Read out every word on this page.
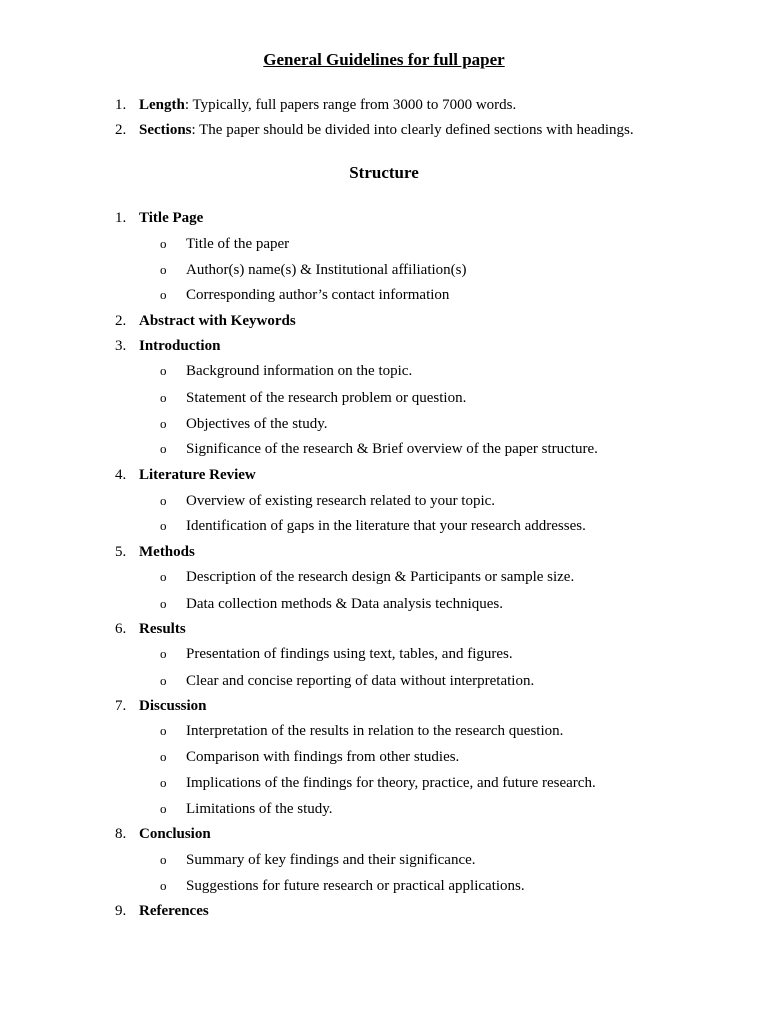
General Guidelines for full paper
1. Length: Typically, full papers range from 3000 to 7000 words.
2. Sections: The paper should be divided into clearly defined sections with headings.
Structure
1. Title Page
o Title of the paper
o Author(s) name(s) & Institutional affiliation(s)
o Corresponding author’s contact information
2. Abstract with Keywords
3. Introduction
o Background information on the topic.
o Statement of the research problem or question.
o Objectives of the study.
o Significance of the research & Brief overview of the paper structure.
4. Literature Review
o Overview of existing research related to your topic.
o Identification of gaps in the literature that your research addresses.
5. Methods
o Description of the research design & Participants or sample size.
o Data collection methods & Data analysis techniques.
6. Results
o Presentation of findings using text, tables, and figures.
o Clear and concise reporting of data without interpretation.
7. Discussion
o Interpretation of the results in relation to the research question.
o Comparison with findings from other studies.
o Implications of the findings for theory, practice, and future research.
o Limitations of the study.
8. Conclusion
o Summary of key findings and their significance.
o Suggestions for future research or practical applications.
9. References
